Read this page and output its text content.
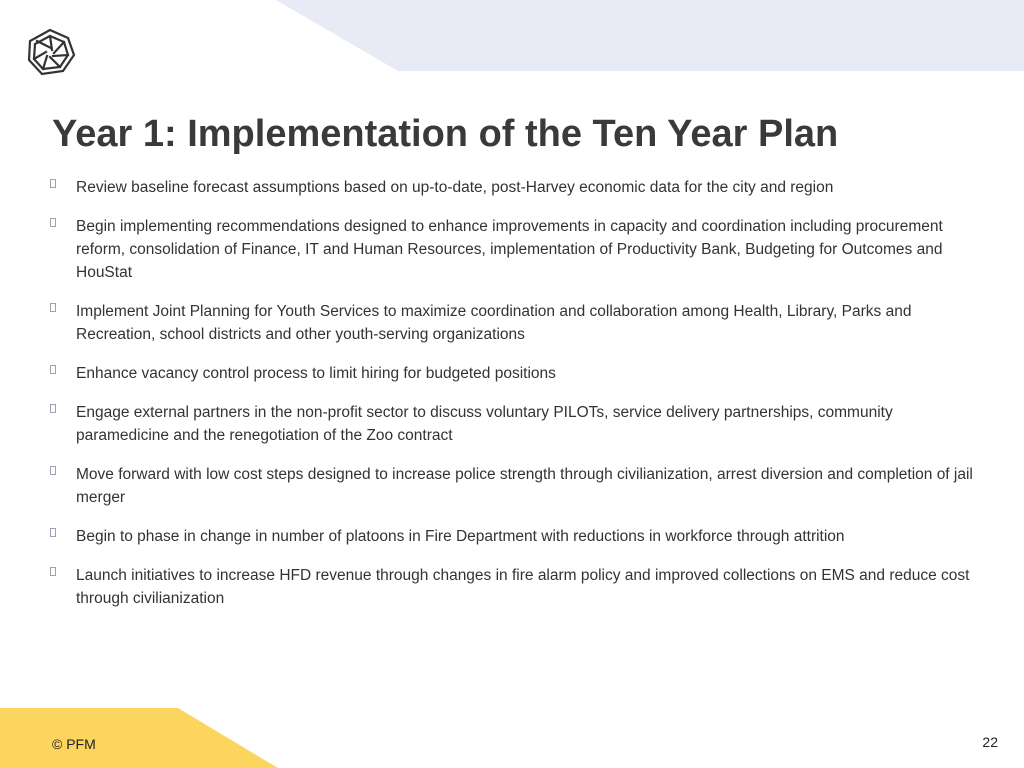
Year 1: Implementation of the Ten Year Plan
Review baseline forecast assumptions based on up-to-date, post-Harvey economic data for the city and region
Begin implementing recommendations designed to enhance improvements in capacity and coordination including procurement reform, consolidation of Finance, IT and Human Resources, implementation of Productivity Bank, Budgeting for Outcomes and HouStat
Implement Joint Planning for Youth Services to maximize coordination and collaboration among Health, Library, Parks and Recreation, school districts and other youth-serving organizations
Enhance vacancy control process to limit hiring for budgeted positions
Engage external partners in the non-profit sector to discuss voluntary PILOTs, service delivery partnerships, community paramedicine and the renegotiation of the Zoo contract
Move forward with low cost steps designed to increase police strength through civilianization, arrest diversion and completion of jail merger
Begin to phase in change in number of platoons in Fire Department with reductions in workforce through attrition
Launch initiatives to increase HFD revenue through changes in fire alarm policy and improved collections on EMS and reduce cost through civilianization
© PFM	22
